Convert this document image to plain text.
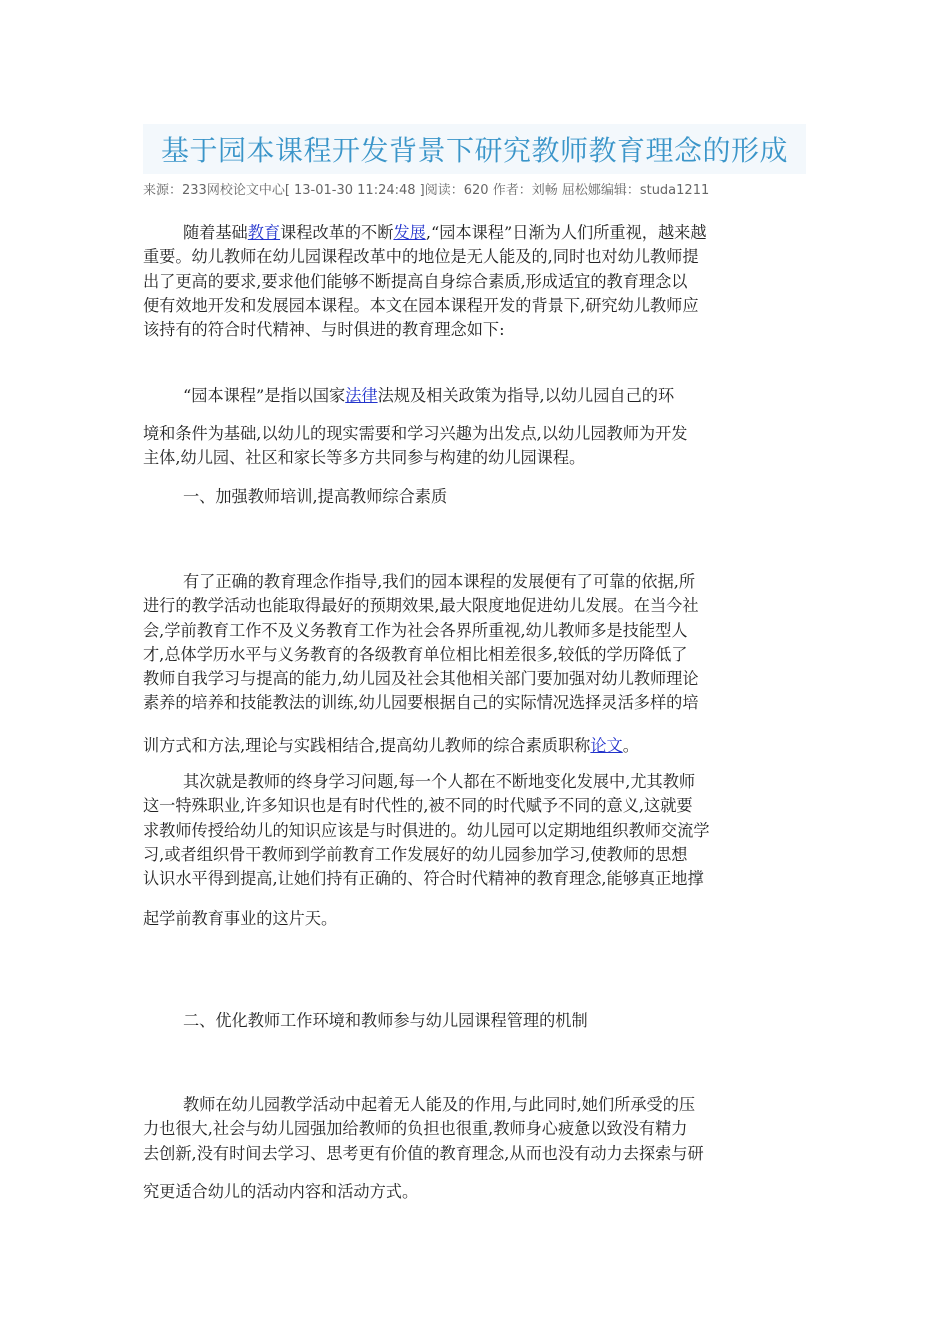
基于园本课程开发背景下研究教师教育理念的形成
来源：233网校论文中心[ 13-01-30 11:24:48 ]阅读：620 作者：刘畅 屈松娜编辑：studa1211
随着基础教育课程改革的不断发展,“园本课程”日渐为人们所重视，越来越
重要。幼儿教师在幼儿园课程改革中的地位是无人能及的,同时也对幼儿教师提
出了更高的要求,要求他们能够不断提高自身综合素质,形成适宜的教育理念以
便有效地开发和发展园本课程。本文在园本课程开发的背景下,研究幼儿教师应
该持有的符合时代精神、与时俱进的教育理念如下:
“园本课程”是指以国家法律法规及相关政策为指导,以幼儿园自己的环
境和条件为基础,以幼儿的现实需要和学习兴趣为出发点,以幼儿园教师为开发
主体,幼儿园、社区和家长等多方共同参与构建的幼儿园课程。
一、加强教师培训,提高教师综合素质
有了正确的教育理念作指导,我们的园本课程的发展便有了可靠的依据,所
进行的教学活动也能取得最好的预期效果,最大限度地促进幼儿发展。在当今社
会,学前教育工作不及义务教育工作为社会各界所重视,幼儿教师多是技能型人
才,总体学历水平与义务教育的各级教育单位相比相差很多,较低的学历降低了
教师自我学习与提高的能力,幼儿园及社会其他相关部门要加强对幼儿教师理论
素养的培养和技能教法的训练,幼儿园要根据自己的实际情况选择灵活多样的培
训方式和方法,理论与实践相结合,提高幼儿教师的综合素质职称论文。
其次就是教师的终身学习问题,每一个人都在不断地变化发展中,尤其教师
这一特殊职业,许多知识也是有时代性的,被不同的时代赋予不同的意义,这就要
求教师传授给幼儿的知识应该是与时俱进的。幼儿园可以定期地组织教师交流学
习,或者组织骨干教师到学前教育工作发展好的幼儿园参加学习,使教师的思想
认识水平得到提高,让她们持有正确的、符合时代精神的教育理念,能够真正地撑
起学前教育事业的这片天。
二、优化教师工作环境和教师参与幼儿园课程管理的机制
教师在幼儿园教学活动中起着无人能及的作用,与此同时,她们所承受的压
力也很大,社会与幼儿园强加给教师的负担也很重,教师身心疲惫以致没有精力
去创新,没有时间去学习、思考更有价值的教育理念,从而也没有动力去探索与研
究更适合幼儿的活动内容和活动方式。
